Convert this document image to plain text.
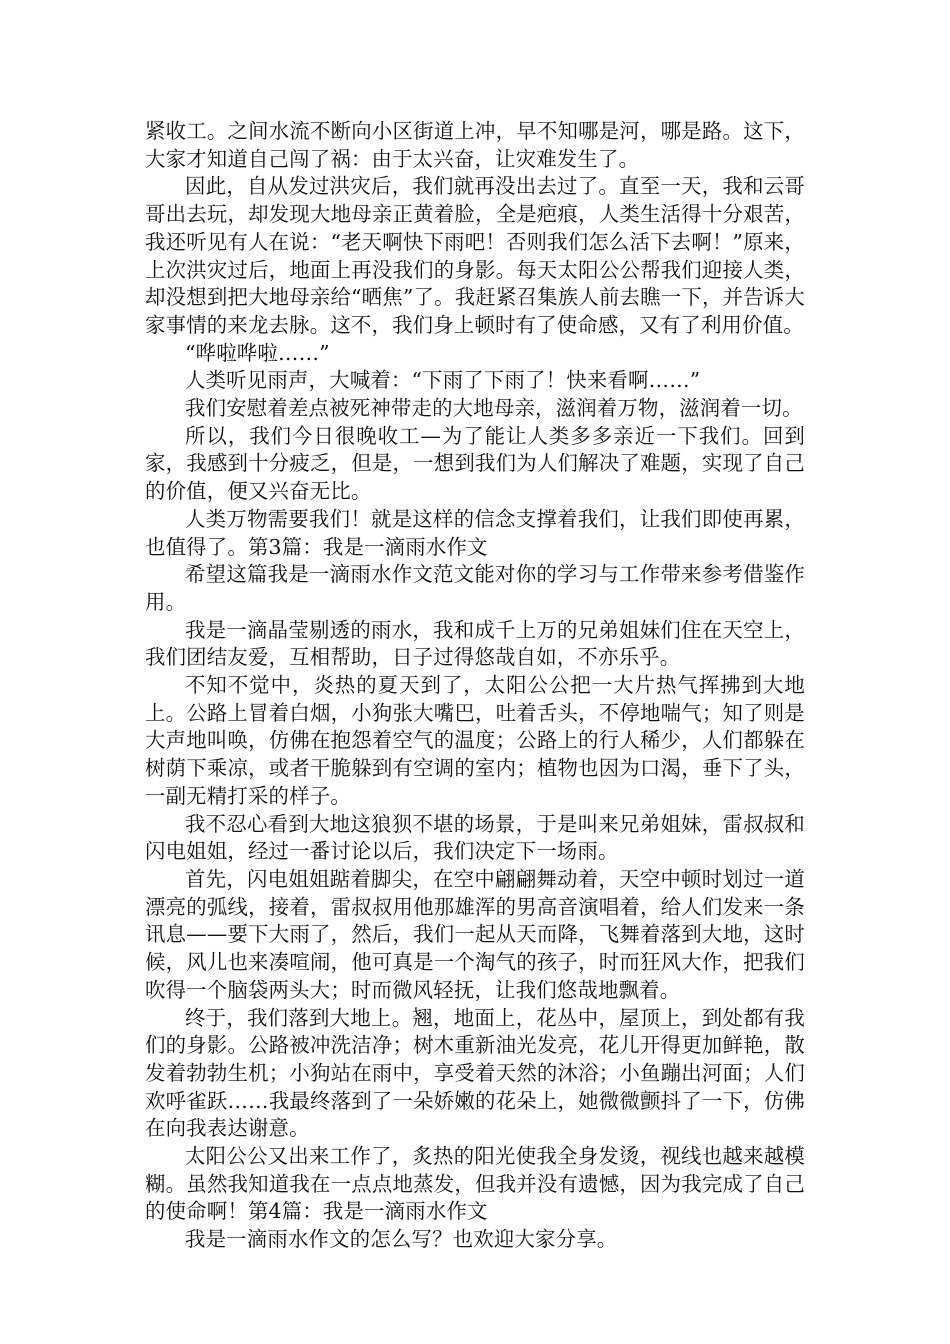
紧收工。之间水流不断向小区街道上冲，早不知哪是河，哪是路。这下，大家才知道自己闯了祸：由于太兴奋，让灾难发生了。

因此，自从发过洪灾后，我们就再没出去过了。直至一天，我和云哥哥出去玩，却发现大地母亲正黄着脸，全是疤痕，人类生活得十分艰苦，我还听见有人在说：“老天啊快下雨吧！否则我们怎么活下去啊！”原来，上次洪灾过后，地面上再没我们的身影。每天太阳公公帮我们迎接人类，却没想到把大地母亲给“晒焦”了。我赶紧召集族人前去瞧一下，并告诉大家事情的来龙去脉。这不，我们身上顿时有了使命感，又有了利用价值。

“哗啦哗啦……”

人类听见雨声，大喊着：“下雨了下雨了！快来看啊……”

我们安慰着差点被死神带走的大地母亲，滋润着万物，滋润着一切。

所以，我们今日很晚收工—为了能让人类多多亲近一下我们。回到家，我感到十分疲乏，但是，一想到我们为人们解决了难题，实现了自己的价值，便又兴奋无比。

人类万物需要我们！就是这样的信念支撑着我们，让我们即使再累，也值得了。第3篇：我是一滴雨水作文

希望这篇我是一滴雨水作文范文能对你的学习与工作带来参考借鉴作用。

我是一滴晶莹剔透的雨水，我和成千上万的兄弟姐妹们住在天空上，我们团结友爱，互相帮助，日子过得悠哉自如，不亦乐乎。

不知不觉中，炎热的夏天到了，太阳公公把一大片热气挥拂到大地上。公路上冒着白烟，小狗张大嘴巴，吐着舌头，不停地喘气；知了则是大声地叫唤，仿佛在抱怨着空气的温度；公路上的行人稀少，人们都躲在树荫下乘凉，或者干脆躲到有空调的室内；植物也因为口渴，垂下了头，一副无精打采的样子。

我不忍心看到大地这狼狈不堪的场景，于是叫来兄弟姐妹，雷叔叔和闪电姐姐，经过一番讨论以后，我们决定下一场雨。

首先，闪电姐姐踮着脚尖，在空中翩翩舞动着，天空中顿时划过一道漂亮的弧线，接着，雷叔叔用他那雄浑的男高音演唱着，给人们发来一条讯息——要下大雨了，然后，我们一起从天而降，飞舞着落到大地，这时候，风儿也来凑喧闹，他可真是一个淘气的孩子，时而狂风大作，把我们吹得一个脑袋两头大；时而微风轻抚，让我们悠哉地飘着。

终于，我们落到大地上。翘，地面上，花丛中，屋顶上，到处都有我们的身影。公路被冲洗洁净；树木重新油光发亮，花儿开得更加鲜艳，散发着勃勃生机；小狗站在雨中，享受着天然的沐浴；小鱼蹦出河面；人们欢呼雀跃……我最终落到了一朵娇嫩的花朵上，她微微颤抖了一下，仿佛在向我表达谢意。

太阳公公又出来工作了，炙热的阳光使我全身发烫，视线也越来越模糊。虽然我知道我在一点点地蒸发，但我并没有遗憾，因为我完成了自己的使命啊！第4篇：我是一滴雨水作文

我是一滴雨水作文的怎么写？也欢迎大家分享。
